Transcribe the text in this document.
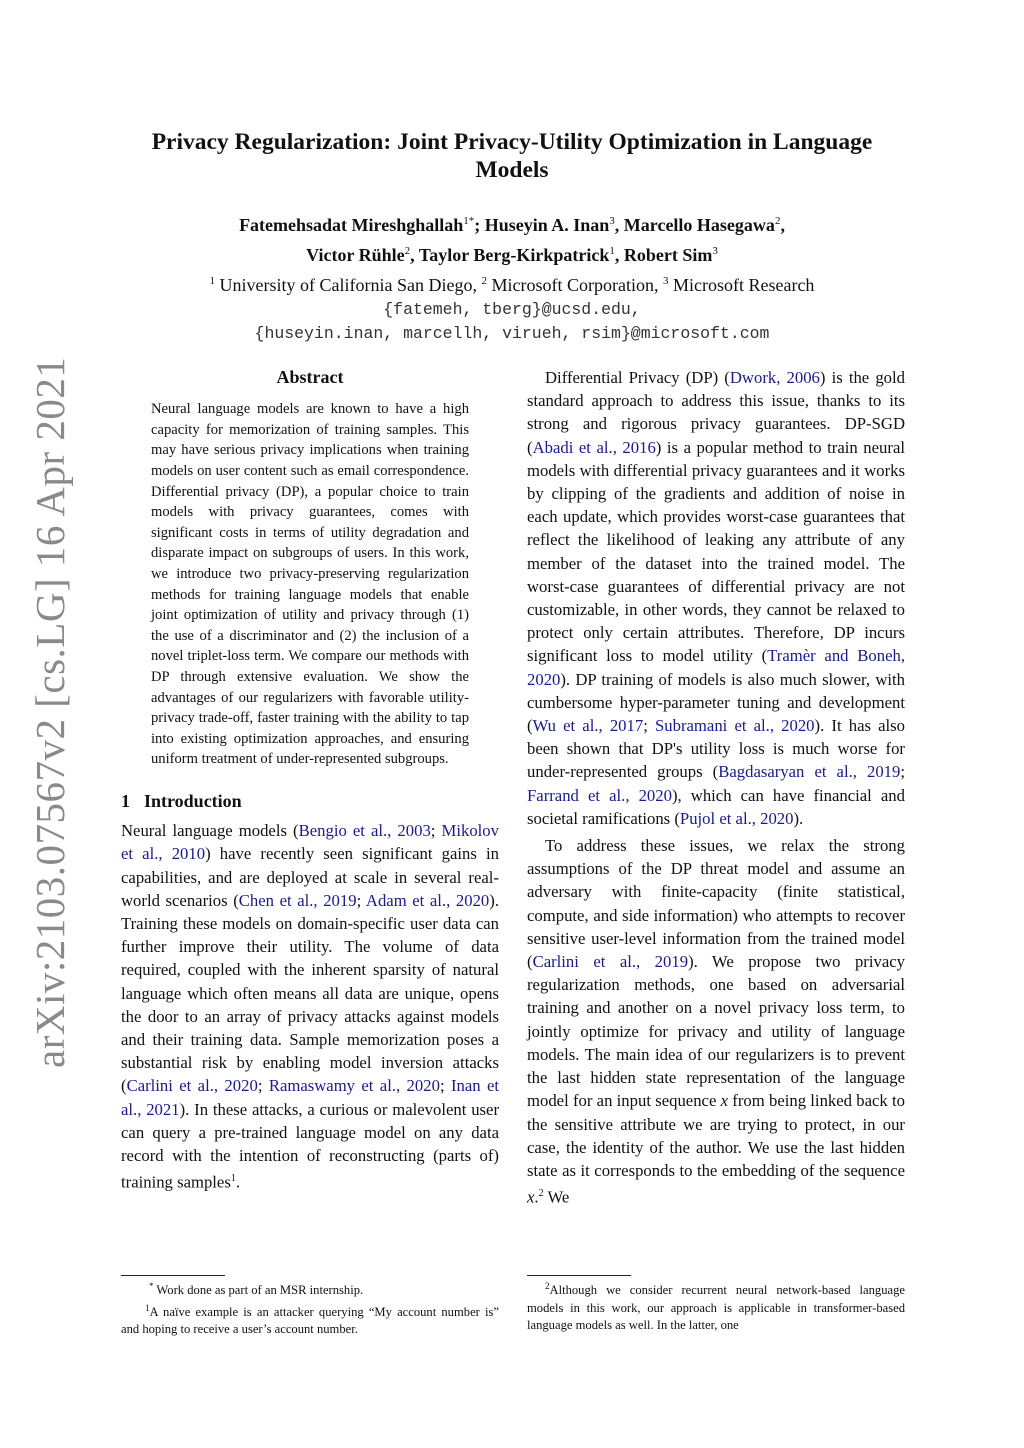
arXiv:2103.07567v2 [cs.LG] 16 Apr 2021
Privacy Regularization: Joint Privacy-Utility Optimization in Language Models
Fatemehsadat Mireshghallah$^{1*}$; Huseyin A. Inan$^3$, Marcello Hasegawa$^2$,
Victor Rühle$^2$, Taylor Berg-Kirkpatrick$^1$, Robert Sim$^3$
$^1$ University of California San Diego, $^2$ Microsoft Corporation, $^3$ Microsoft Research
{fatemeh, tberg}@ucsd.edu,
{huseyin.inan, marcellh, virueh, rsim}@microsoft.com
Abstract
Neural language models are known to have a high capacity for memorization of training samples. This may have serious privacy implications when training models on user content such as email correspondence. Differential privacy (DP), a popular choice to train models with privacy guarantees, comes with significant costs in terms of utility degradation and disparate impact on subgroups of users. In this work, we introduce two privacy-preserving regularization methods for training language models that enable joint optimization of utility and privacy through (1) the use of a discriminator and (2) the inclusion of a novel triplet-loss term. We compare our methods with DP through extensive evaluation. We show the advantages of our regularizers with favorable utility-privacy trade-off, faster training with the ability to tap into existing optimization approaches, and ensuring uniform treatment of under-represented subgroups.
1 Introduction

Neural language models (Bengio et al., 2003; Mikolov et al., 2010) have recently seen significant gains in capabilities, and are deployed at scale in several real-world scenarios (Chen et al., 2019; Adam et al., 2020). Training these models on domain-specific user data can further improve their utility. The volume of data required, coupled with the inherent sparsity of natural language which often means all data are unique, opens the door to an array of privacy attacks against models and their training data. Sample memorization poses a substantial risk by enabling model inversion attacks (Carlini et al., 2020; Ramaswamy et al., 2020; Inan et al., 2021). In these attacks, a curious or malevolent user can query a pre-trained language model on any data record with the intention of reconstructing (parts of) training samples$^1$.

* Work done as part of an MSR internship.

$^1$A naïve example is an attacker querying “My account number is” and hoping to receive a user’s account number.

Differential Privacy (DP) (Dwork, 2006) is the gold standard approach to address this issue, thanks to its strong and rigorous privacy guarantees. DP-SGD (Abadi et al., 2016) is a popular method to train neural models with differential privacy guarantees and it works by clipping of the gradients and addition of noise in each update, which provides worst-case guarantees that reflect the likelihood of leaking any attribute of any member of the dataset into the trained model. The worst-case guarantees of differential privacy are not customizable, in other words, they cannot be relaxed to protect only certain attributes. Therefore, DP incurs significant loss to model utility (Tramèr and Boneh, 2020). DP training of models is also much slower, with cumbersome hyper-parameter tuning and development (Wu et al., 2017; Subramani et al., 2020). It has also been shown that DP's utility loss is much worse for under-represented groups (Bagdasaryan et al., 2019; Farrand et al., 2020), which can have financial and societal ramifications (Pujol et al., 2020).

To address these issues, we relax the strong assumptions of the DP threat model and assume an adversary with finite-capacity (finite statistical, compute, and side information) who attempts to recover sensitive user-level information from the trained model (Carlini et al., 2019). We propose two privacy regularization methods, one based on adversarial training and another on a novel privacy loss term, to jointly optimize for privacy and utility of language models. The main idea of our regularizers is to prevent the last hidden state representation of the language model for an input sequence x from being linked back to the sensitive attribute we are trying to protect, in our case, the identity of the author. We use the last hidden state as it corresponds to the embedding of the sequence x.$^2$ We

$^2$Although we consider recurrent neural network-based language models in this work, our approach is applicable in transformer-based language models as well. In the latter, one
